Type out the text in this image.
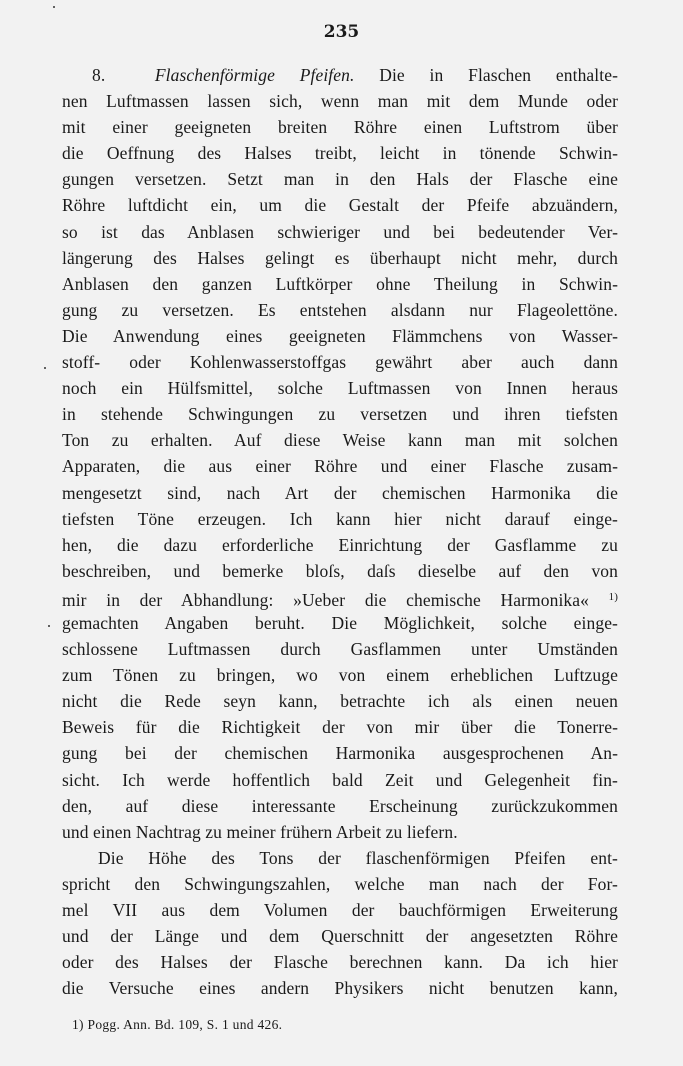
235
8.	Flaschenförmige Pfeifen. Die in Flaschen enthalte-
nen Luftmassen lassen sich, wenn man mit dem Munde oder
mit einer geeigneten breiten Röhre einen Luftstrom über
die Oeffnung des Halses treibt, leicht in tönende Schwin-
gungen versetzen. Setzt man in den Hals der Flasche eine
Röhre luftdicht ein, um die Gestalt der Pfeife abzuändern,
so ist das Anblasen schwieriger und bei bedeutender Ver-
längerung des Halses gelingt es überhaupt nicht mehr, durch
Anblasen den ganzen Luftkörper ohne Theilung in Schwin-
gung zu versetzen. Es entstehen alsdann nur Flageolettöne.
Die Anwendung eines geeigneten Flämmchens von Wasser-
stoff- oder Kohlenwasserstoffgas gewährt aber auch dann
noch ein Hülfsmittel, solche Luftmassen von Innen heraus
in stehende Schwingungen zu versetzen und ihren tiefsten
Ton zu erhalten. Auf diese Weise kann man mit solchen
Apparaten, die aus einer Röhre und einer Flasche zusam-
mengesetzt sind, nach Art der chemischen Harmonika die
tiefsten Töne erzeugen. Ich kann hier nicht darauf einge-
hen, die dazu erforderliche Einrichtung der Gasflamme zu
beschreiben, und bemerke bloſs, daſs dieselbe auf den von
mir in der Abhandlung: »Ueber die chemische Harmonika« $^{1)}$
gemachten Angaben beruht. Die Möglichkeit, solche einge-
schlossene Luftmassen durch Gasflammen unter Umständen
zum Tönen zu bringen, wo von einem erheblichen Luftzuge
nicht die Rede seyn kann, betrachte ich als einen neuen
Beweis für die Richtigkeit der von mir über die Tonerre-
gung bei der chemischen Harmonika ausgesprochenen An-
sicht. Ich werde hoffentlich bald Zeit und Gelegenheit fin-
den, auf diese interessante Erscheinung zurückzukommen
und einen Nachtrag zu meiner frühern Arbeit zu liefern.
Die Höhe des Tons der flaschenförmigen Pfeifen ent-
spricht den Schwingungszahlen, welche man nach der For-
mel VII aus dem Volumen der bauchförmigen Erweiterung
und der Länge und dem Querschnitt der angesetzten Röhre
oder des Halses der Flasche berechnen kann. Da ich hier
die Versuche eines andern Physikers nicht benutzen kann,
1) Pogg. Ann. Bd. 109, S. 1 und 426.
